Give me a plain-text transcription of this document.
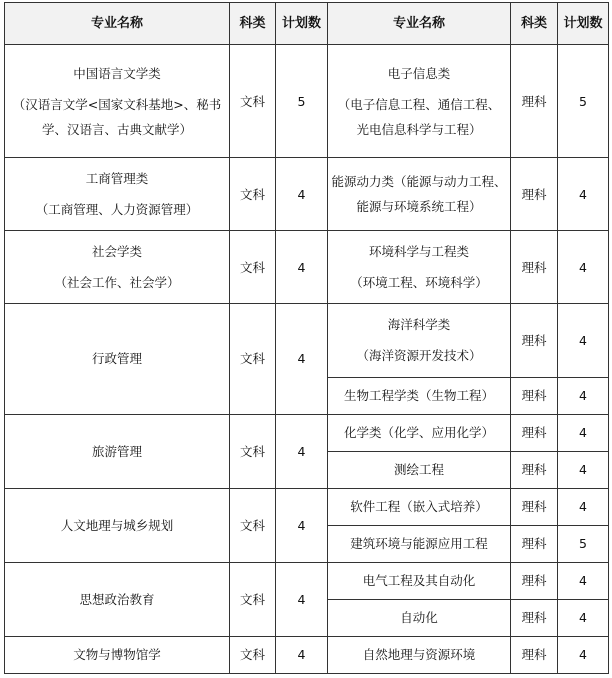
专业名称	科类	计划数	专业名称	科类	计划数

中国语言文学类
（汉语言文学<国家文科基地>、秘书
学、汉语言、古典文献学）	文科	5	电子信息类
（电子信息工程、通信工程、
光电信息科学与工程）	理科	5

工商管理类
（工商管理、人力资源管理）	文科	4	能源动力类（能源与动力工程、
能源与环境系统工程）	理科	4

社会学类
（社会工作、社会学）	文科	4	环境科学与工程类
（环境工程、环境科学）	理科	4
行政管理	文科	4	海洋科学类
（海洋资源开发技术）	理科	4
			生物工程学类（生物工程）	理科	4
旅游管理	文科	4	化学类（化学、应用化学）	理科	4
			测绘工程	理科	4
人文地理与城乡规划	文科	4	软件工程（嵌入式培养）	理科	4
			建筑环境与能源应用工程	理科	5
思想政治教育	文科	4	电气工程及其自动化	理科	4
			自动化	理科	4
文物与博物馆学	文科	4	自然地理与资源环境	理科	4
